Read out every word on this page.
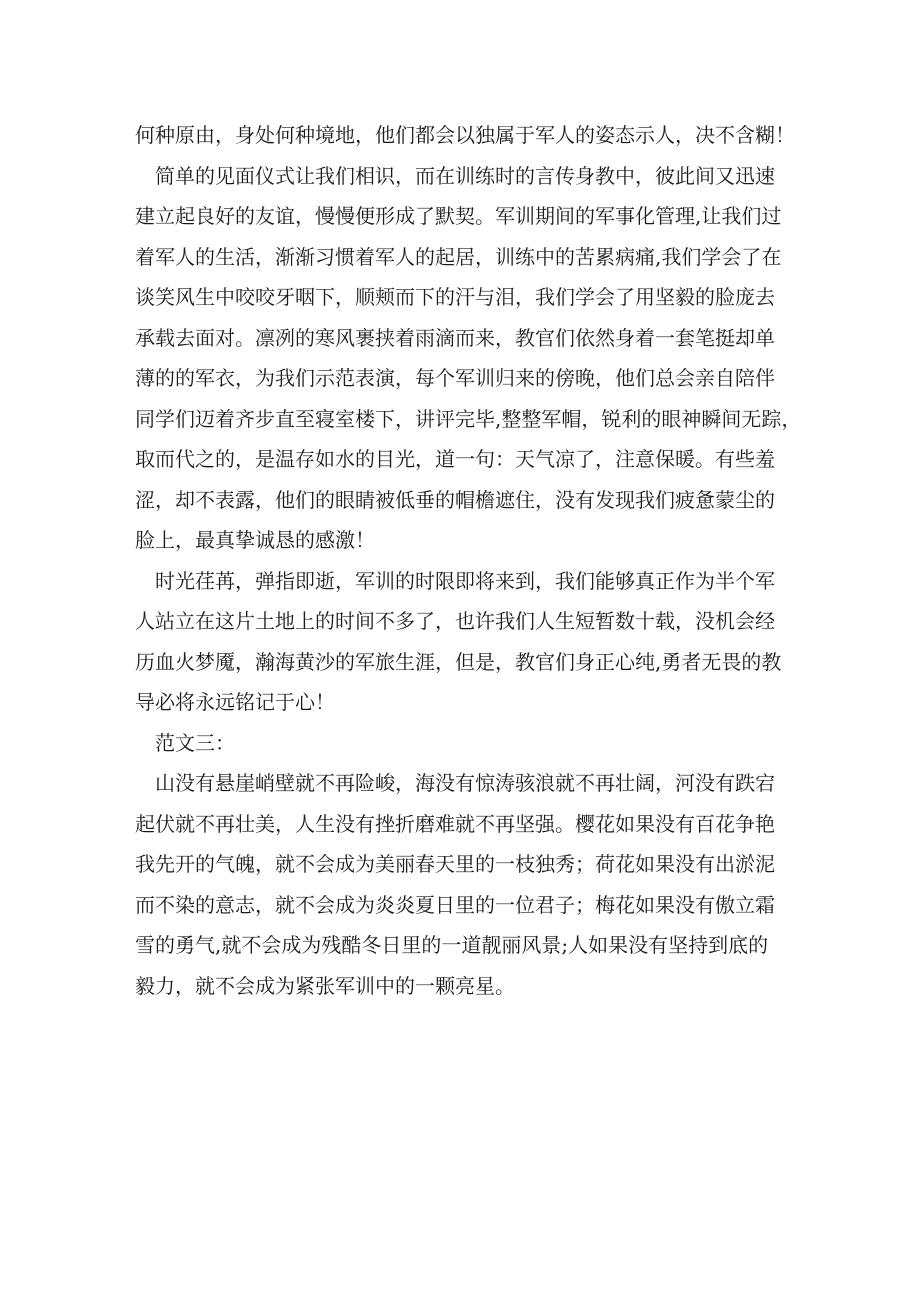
何种原由，身处何种境地，他们都会以独属于军人的姿态示人，决不含糊！

简单的见面仪式让我们相识，而在训练时的言传身教中，彼此间又迅速
建立起良好的友谊，慢慢便形成了默契。军训期间的军事化管理,让我们过
着军人的生活，渐渐习惯着军人的起居，训练中的苦累病痛,我们学会了在
谈笑风生中咬咬牙咽下，顺颊而下的汗与泪，我们学会了用坚毅的脸庞去
承载去面对。凛冽的寒风裹挟着雨滴而来，教官们依然身着一套笔挺却单
薄的的军衣，为我们示范表演，每个军训归来的傍晚，他们总会亲自陪伴
同学们迈着齐步直至寝室楼下，讲评完毕,整整军帽，锐利的眼神瞬间无踪，
取而代之的，是温存如水的目光，道一句：天气凉了，注意保暖。有些羞
涩，却不表露，他们的眼睛被低垂的帽檐遮住，没有发现我们疲惫蒙尘的
脸上，最真挚诚恳的感激！

时光荏苒，弹指即逝，军训的时限即将来到，我们能够真正作为半个军
人站立在这片土地上的时间不多了，也许我们人生短暂数十载，没机会经
历血火梦魇，瀚海黄沙的军旅生涯，但是，教官们身正心纯,勇者无畏的教
导必将永远铭记于心！

范文三：

山没有悬崖峭壁就不再险峻，海没有惊涛骇浪就不再壮阔，河没有跌宕
起伏就不再壮美，人生没有挫折磨难就不再坚强。樱花如果没有百花争艳
我先开的气魄，就不会成为美丽春天里的一枝独秀；荷花如果没有出淤泥
而不染的意志，就不会成为炎炎夏日里的一位君子；梅花如果没有傲立霜
雪的勇气,就不会成为残酷冬日里的一道靓丽风景;人如果没有坚持到底的
毅力，就不会成为紧张军训中的一颗亮星。
